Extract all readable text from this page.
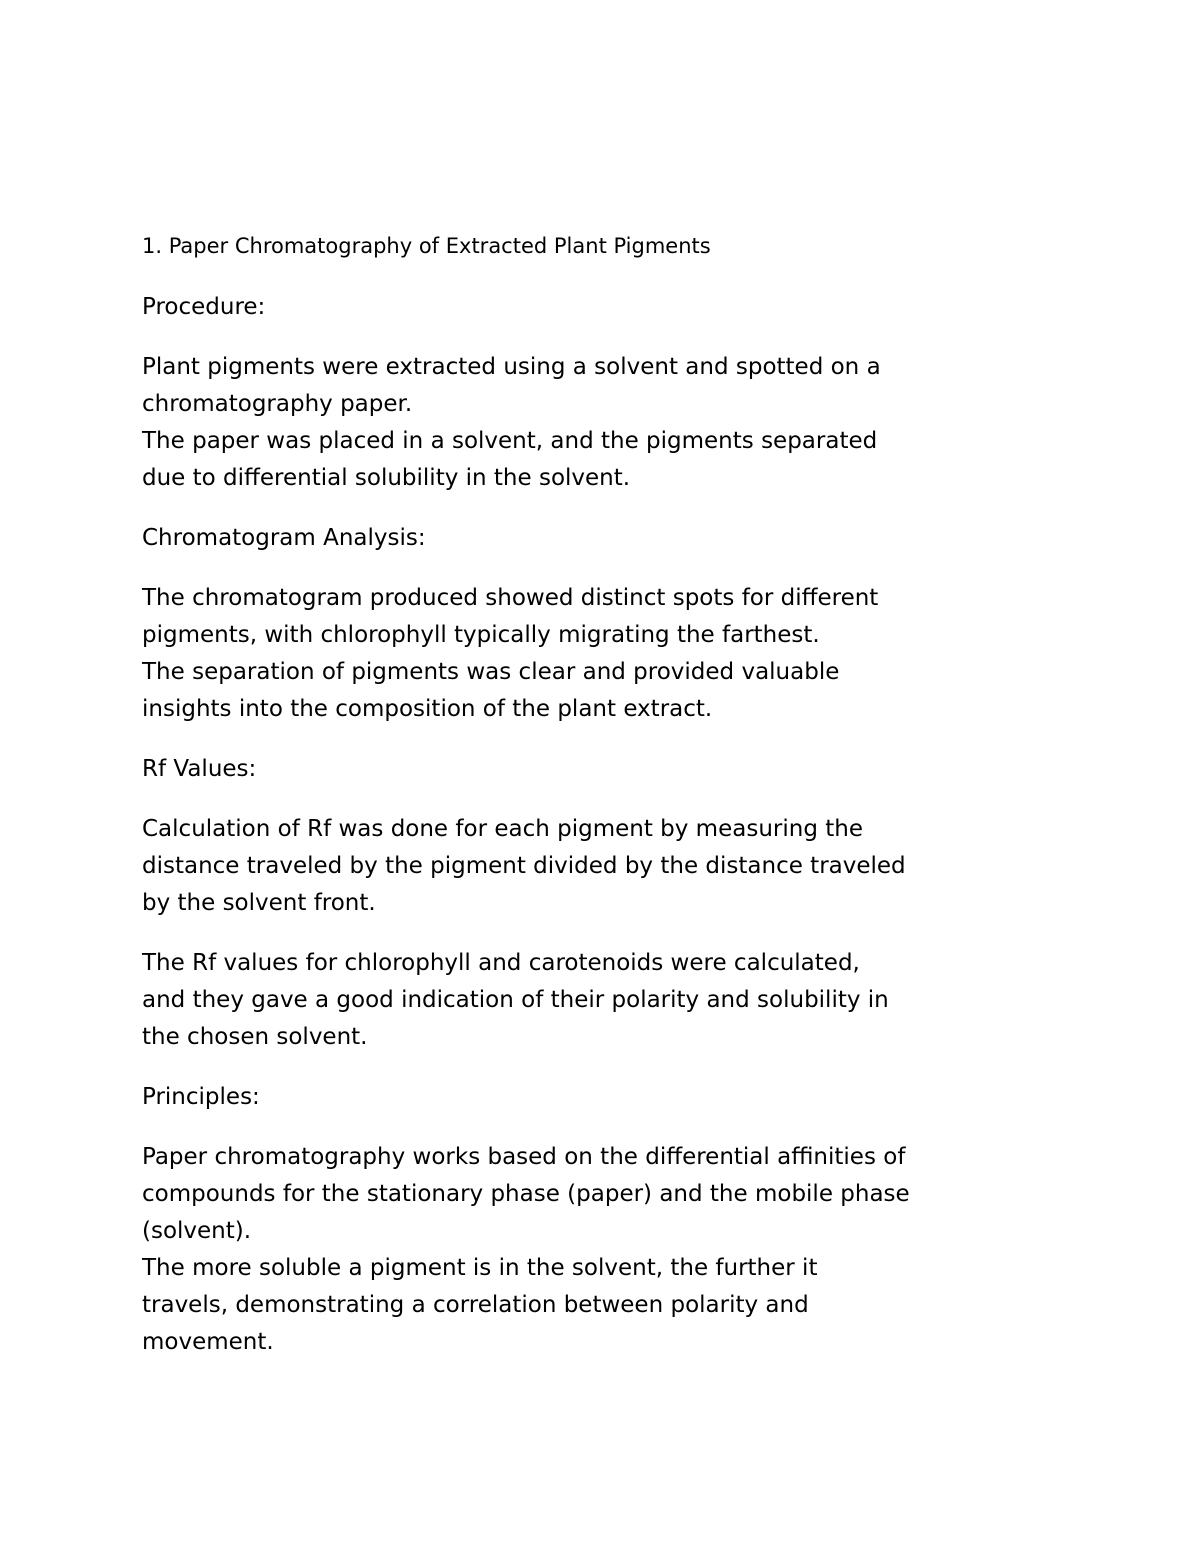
1. Paper Chromatography of Extracted Plant Pigments
Procedure:
Plant pigments were extracted using a solvent and spotted on a
chromatography paper.
The paper was placed in a solvent, and the pigments separated
due to differential solubility in the solvent.
Chromatogram Analysis:
The chromatogram produced showed distinct spots for different
pigments, with chlorophyll typically migrating the farthest.
The separation of pigments was clear and provided valuable
insights into the composition of the plant extract.
Rf Values:
Calculation of Rf was done for each pigment by measuring the
distance traveled by the pigment divided by the distance traveled
by the solvent front.
The Rf values for chlorophyll and carotenoids were calculated,
and they gave a good indication of their polarity and solubility in
the chosen solvent.
Principles:
Paper chromatography works based on the differential affinities of
compounds for the stationary phase (paper) and the mobile phase
(solvent).
The more soluble a pigment is in the solvent, the further it
travels, demonstrating a correlation between polarity and
movement.
